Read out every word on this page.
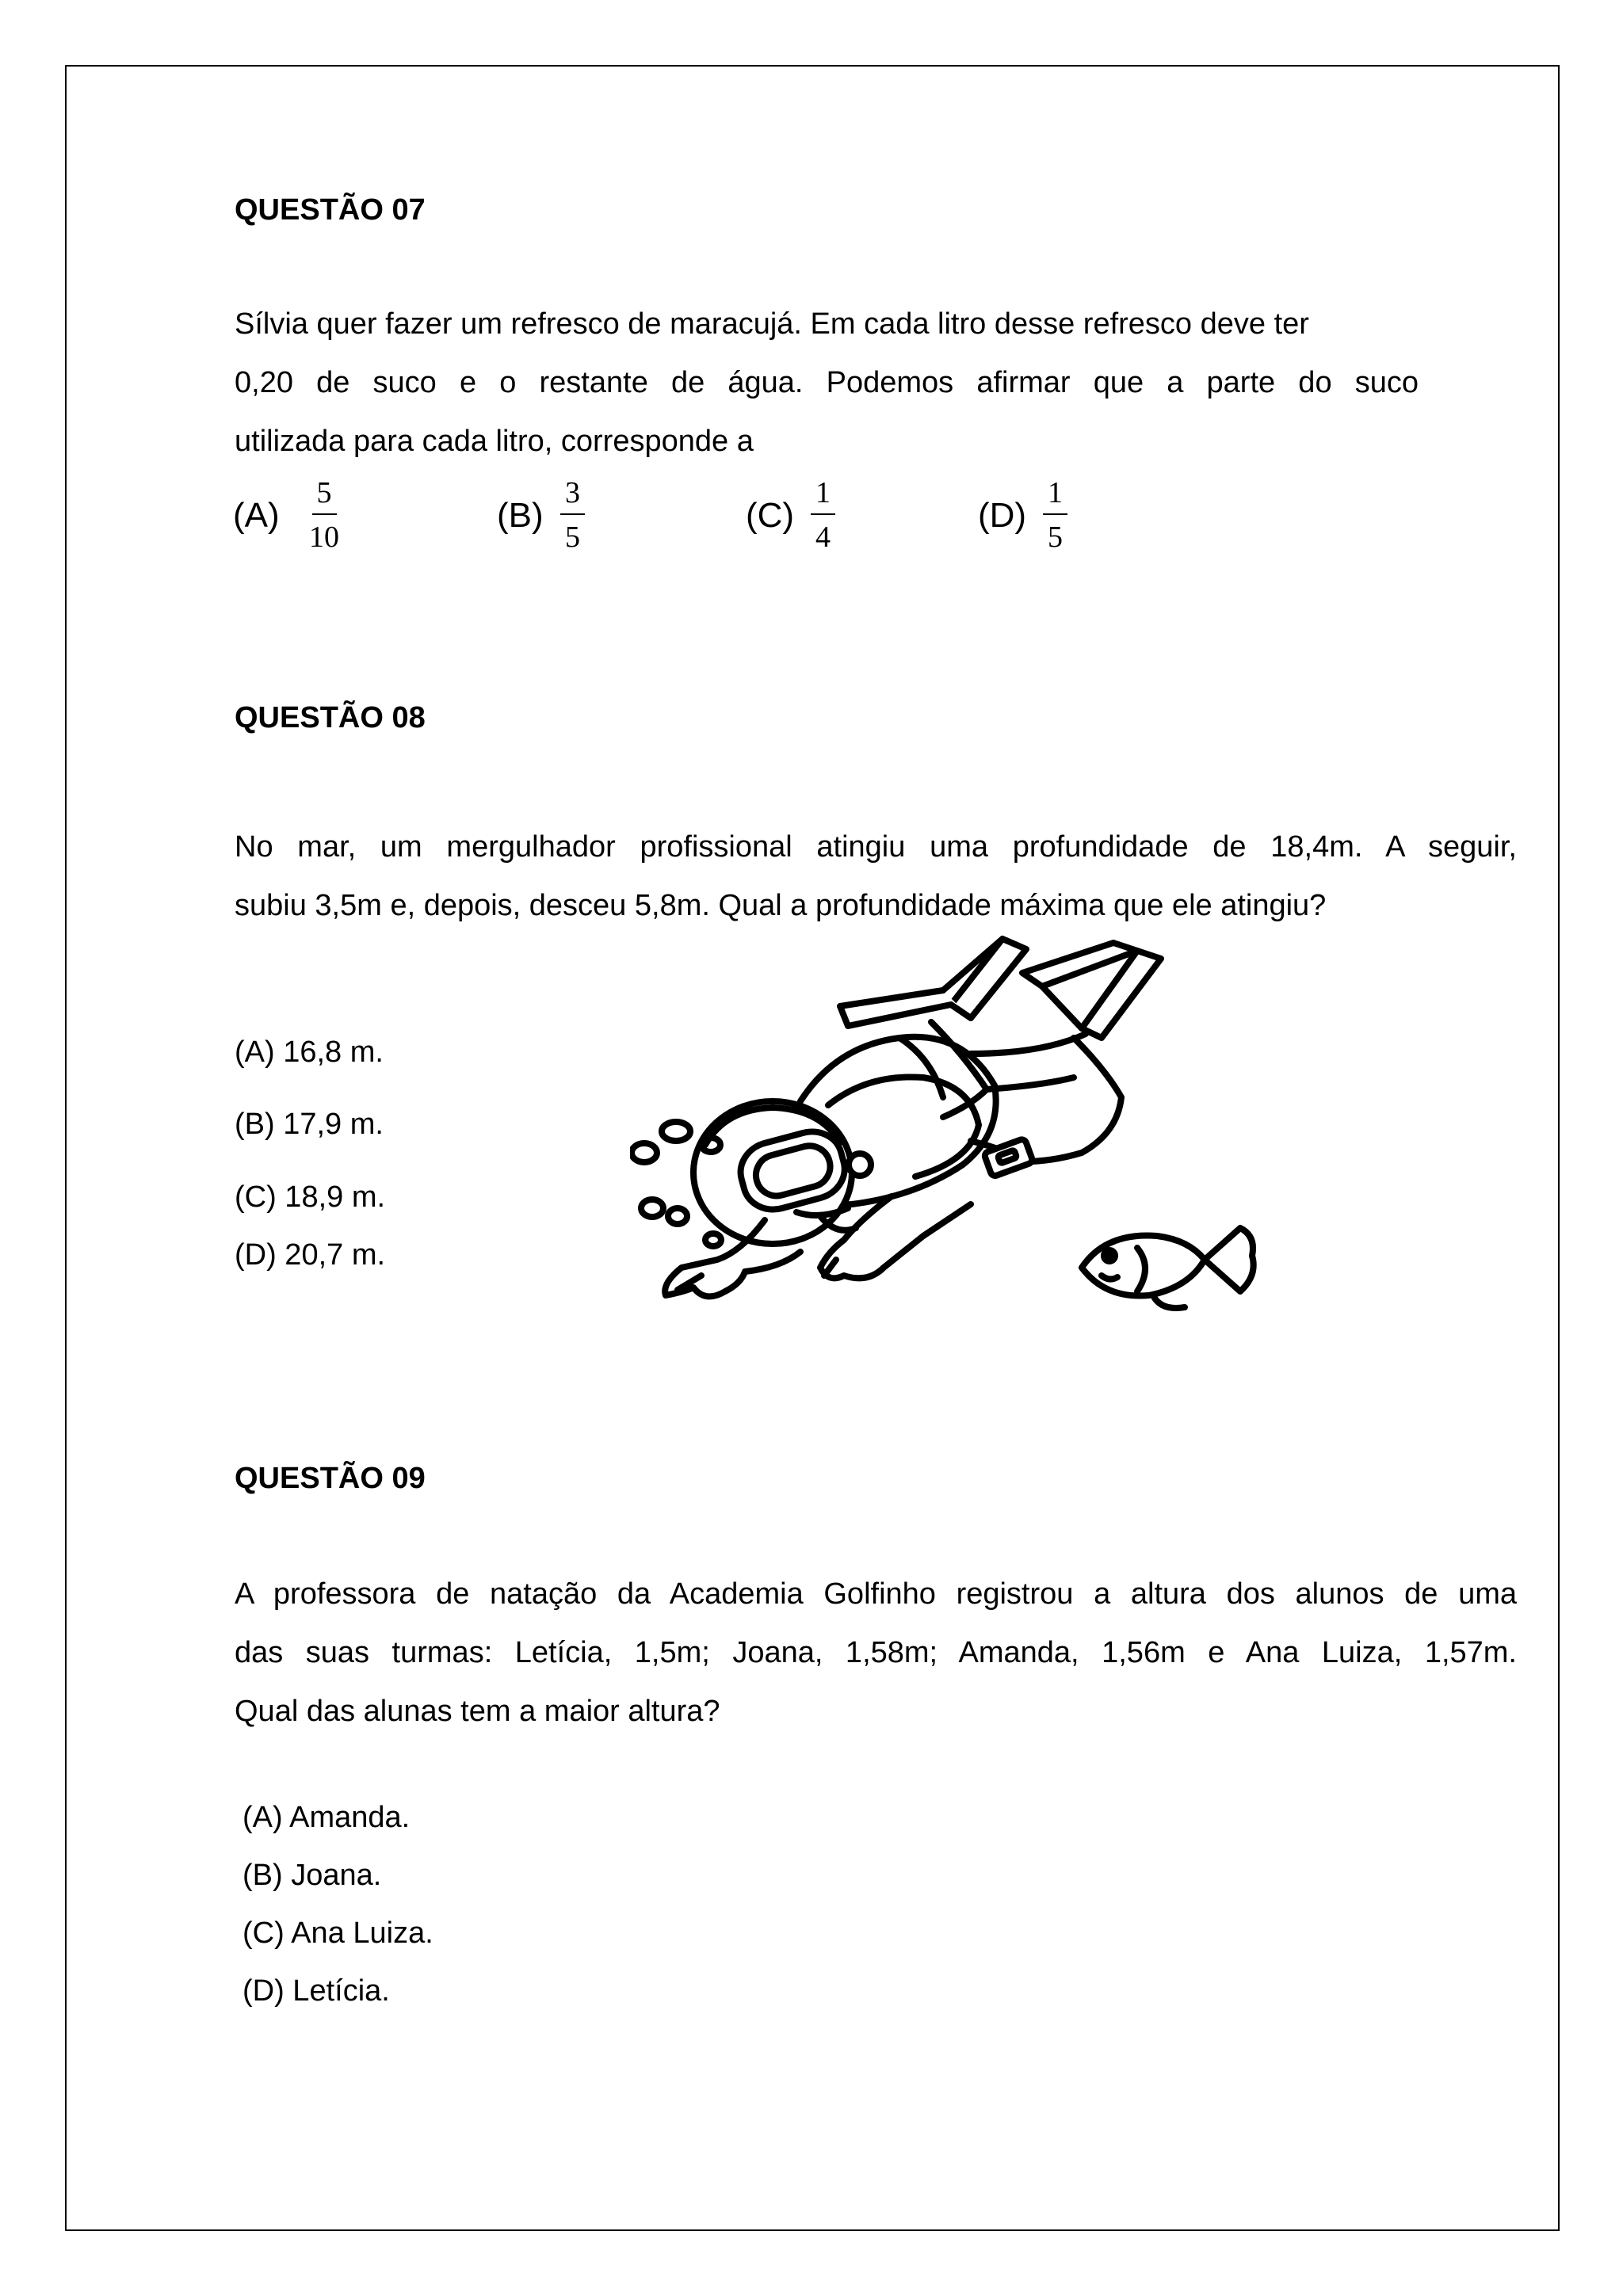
QUESTÃO 07
Sílvia quer fazer um refresco de maracujá. Em cada litro desse refresco deve ter
0,20 de suco e o restante de água. Podemos afirmar que a parte do suco
utilizada para cada litro, corresponde a
$(A) \frac{5}{10}$	$(B) \frac{3}{5}$	$(C) \frac{1}{4}$	$(D) \frac{1}{5}$
QUESTÃO 08
No mar, um mergulhador profissional atingiu uma profundidade de 18,4m. A seguir,
subiu 3,5m e, depois, desceu 5,8m. Qual a profundidade máxima que ele atingiu?
(A) 16,8 m.
(B) 17,9 m.
(C) 18,9 m.
(D) 20,7 m.
QUESTÃO 09
A professora de natação da Academia Golfinho registrou a altura dos alunos de uma
das suas turmas: Letícia, 1,5m; Joana, 1,58m; Amanda, 1,56m e Ana Luiza, 1,57m.
Qual das alunas tem a maior altura?
(A) Amanda.
(B) Joana.
(C) Ana Luiza.
(D) Letícia.
